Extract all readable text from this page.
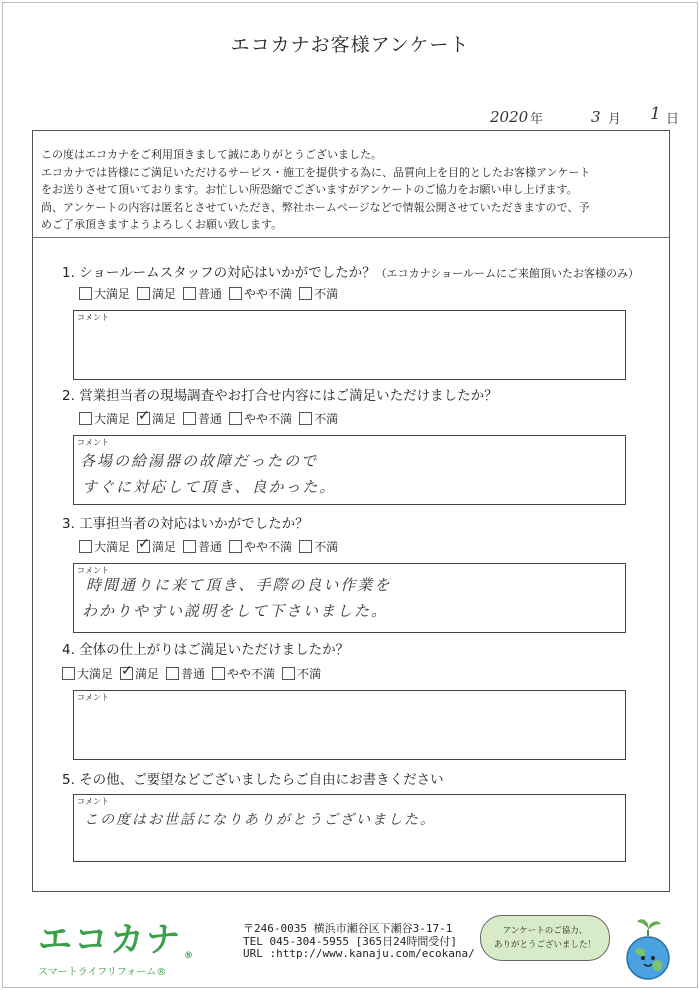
エコカナお客様アンケート
2020 年	3 月 1 日
この度はエコカナをご利用頂きまして誠にありがとうございました。
エコカナでは皆様にご満足いただけるサービス・施工を提供する為に、品質向上を目的としたお客様アンケート
をお送りさせて頂いております。お忙しい所恐縮でございますがアンケートのご協力をお願い申し上げます。
尚、アンケートの内容は匿名とさせていただき、弊社ホームページなどで情報公開させていただきますので、予
めご了承頂きますようよろしくお願い致します。
1. ショールームスタッフの対応はいかがでしたか？（エコカナショールームにご来館頂いたお客様のみ）
大満足 満足 普通 やや不満 不満
コメント
2. 営業担当者の現場調査やお打合せ内容にはご満足いただけましたか？
大満足 ✓ 満足 普通 やや不満 不満
コメント
各場の給湯器の故障だったので
すぐに対応して頂き、良かった。
3. 工事担当者の対応はいかがでしたか？
大満足 ✓ 満足 普通 やや不満 不満
コメント
時間通りに来て頂き、手際の良い作業を
わかりやすい説明をして下さいました。
4. 全体の仕上がりはご満足いただけましたか？
大満足 ✓ 満足 普通 やや不満 不満
コメント
5. その他、ご要望などございましたらご自由にお書きください
コメント
この度はお世話になりありがとうございました。
エコカナ ®
スマートライフリフォーム®
〒246-0035 横浜市瀬谷区下瀬谷3-17-1
TEL 045-304-5955 [365日24時間受付]
URL :http://www.kanaju.com/ecokana/
アンケートのご協力、
ありがとうございました！
